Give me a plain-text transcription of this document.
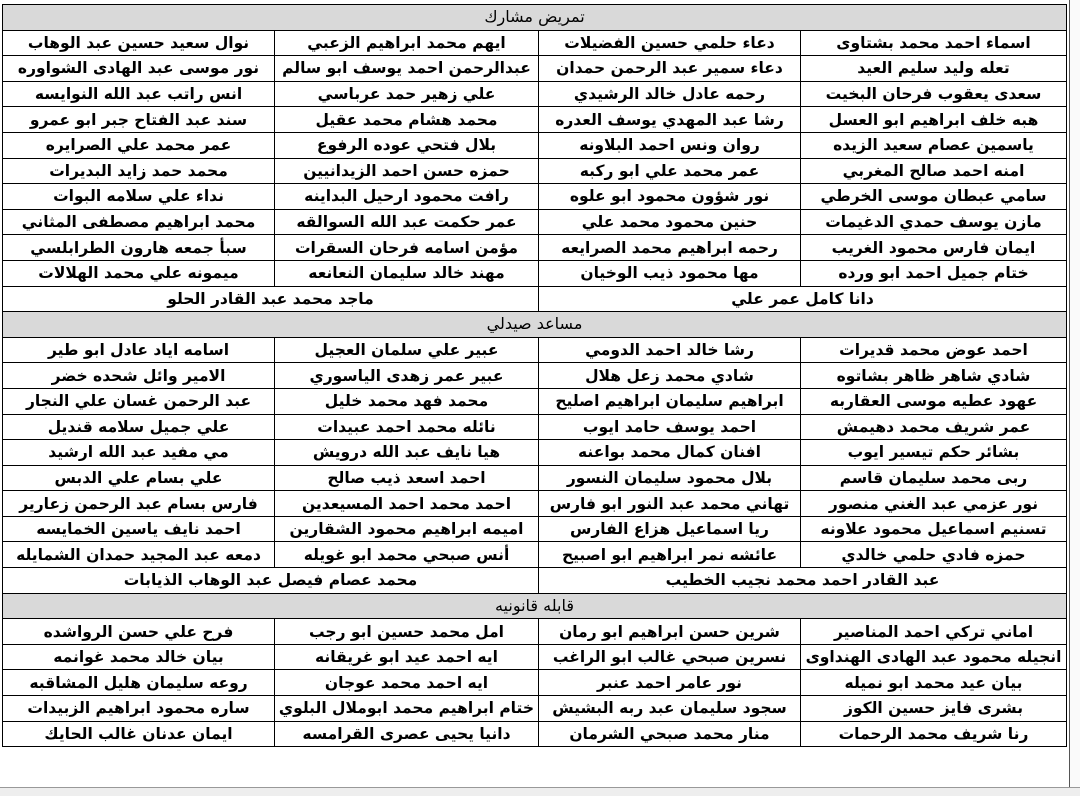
تمريض مشارك			
اسماء احمد محمد بشتاوى	دعاء حلمي حسين الفضيلات	ايهم محمد ابراهيم الزعبي	نوال سعيد حسين عبد الوهاب
تعله وليد سليم العيد	دعاء سمير عبد الرحمن حمدان	عبدالرحمن احمد يوسف ابو سالم	نور موسى عبد الهادى الشواوره
سعدى يعقوب فرحان البخيت	رحمه عادل خالد الرشيدي	علي زهير حمد عرباسي	انس راتب عبد الله النوايسه
هبه خلف ابراهيم ابو العسل	رشا عبد المهدي يوسف العدره	محمد هشام محمد عقيل	سند عبد الفتاح جبر ابو عمرو
ياسمين عصام سعيد الزيده	روان ونس احمد البلاونه	بلال فتحي عوده الرفوع	عمر محمد علي الصرايره
امنه احمد صالح المغربي	عمر محمد علي ابو ركبه	حمزه حسن احمد الزيدانيين	محمد حمد زايد البديرات
سامي عبطان موسى الخرطي	نور شؤون محمود ابو علوه	رافت محمود ارحيل البداينه	نداء علي سلامه البوات
مازن يوسف حمدي الدغيمات	حنين محمود محمد علي	عمر حكمت عبد الله السوالقه	محمد ابراهيم مصطفى المثاني
ايمان فارس محمود الغريب	رحمه ابراهيم محمد الصرايعه	مؤمن اسامه فرحان السقرات	سبأ جمعه هارون الطرابلسي
ختام جميل احمد ابو ورده	مها محمود ذيب الوخيان	مهند خالد سليمان النعانعه	ميمونه علي محمد الهلالات
دانا كامل عمر علي		ماجد محمد عبد القادر الحلو	
مساعد صيدلي			
احمد عوض محمد قديرات	رشا خالد احمد الدومي	عبير علي سلمان العجيل	اسامه اياد عادل ابو طير
شادي شاهر ظاهر بشاتوه	شادي محمد زعل هلال	عبير عمر زهدى الياسوري	الامير وائل شحده خضر
عهود عطيه موسى العقاربه	ابراهيم سليمان ابراهيم اصليح	محمد فهد محمد خليل	عبد الرحمن غسان علي النجار
عمر شريف محمد دهيمش	احمد يوسف حامد ايوب	نائله محمد احمد عبيدات	علي جميل سلامه قنديل
بشائر حكم تيسير ايوب	افنان كمال محمد بواعنه	هيا نايف عبد الله درويش	مي مفيد عبد الله ارشيد
ربى محمد سليمان قاسم	بلال محمود سليمان النسور	احمد اسعد ذيب صالح	علي بسام علي الدبس
نور عزمي عبد الغني منصور	تهاني محمد عبد النور ابو فارس	احمد محمد احمد المسيعدين	فارس بسام عبد الرحمن زعارير
تسنيم اسماعيل محمود علاونه	ريا اسماعيل هزاع الفارس	اميمه ابراهيم محمود الشقارين	احمد نايف ياسين الخمايسه
حمزه فادي حلمي خالدي	عائشه نمر ابراهيم ابو اصبيح	أنس صبحي محمد ابو غويله	دمعه عبد المجيد حمدان الشمايله
عبد القادر احمد محمد نجيب الخطيب		محمد عصام فيصل عبد الوهاب الذيابات	
قابله قانونيه			
اماني تركي احمد المناصير	شرين حسن ابراهيم ابو رمان	امل محمد حسين ابو رجب	فرح علي حسن الرواشده
انجيله محمود عبد الهادى الهنداوى	نسرين صبحي غالب ابو الراغب	ايه احمد عيد ابو غريقانه	بيان خالد محمد غوانمه
بيان عيد محمد ابو نميله	نور عامر احمد عنبر	ايه احمد محمد عوجان	روعه سليمان هليل المشاقبه
بشرى فايز حسين الكوز	سجود سليمان عبد ربه البشيش	ختام ابراهيم محمد ابوملال البلوي	ساره محمود ابراهيم الزبيدات
رنا شريف محمد الرحمات	منار محمد صبحي الشرمان	دانيا يحيى عصرى القرامسه	ايمان عدنان غالب الحايك
